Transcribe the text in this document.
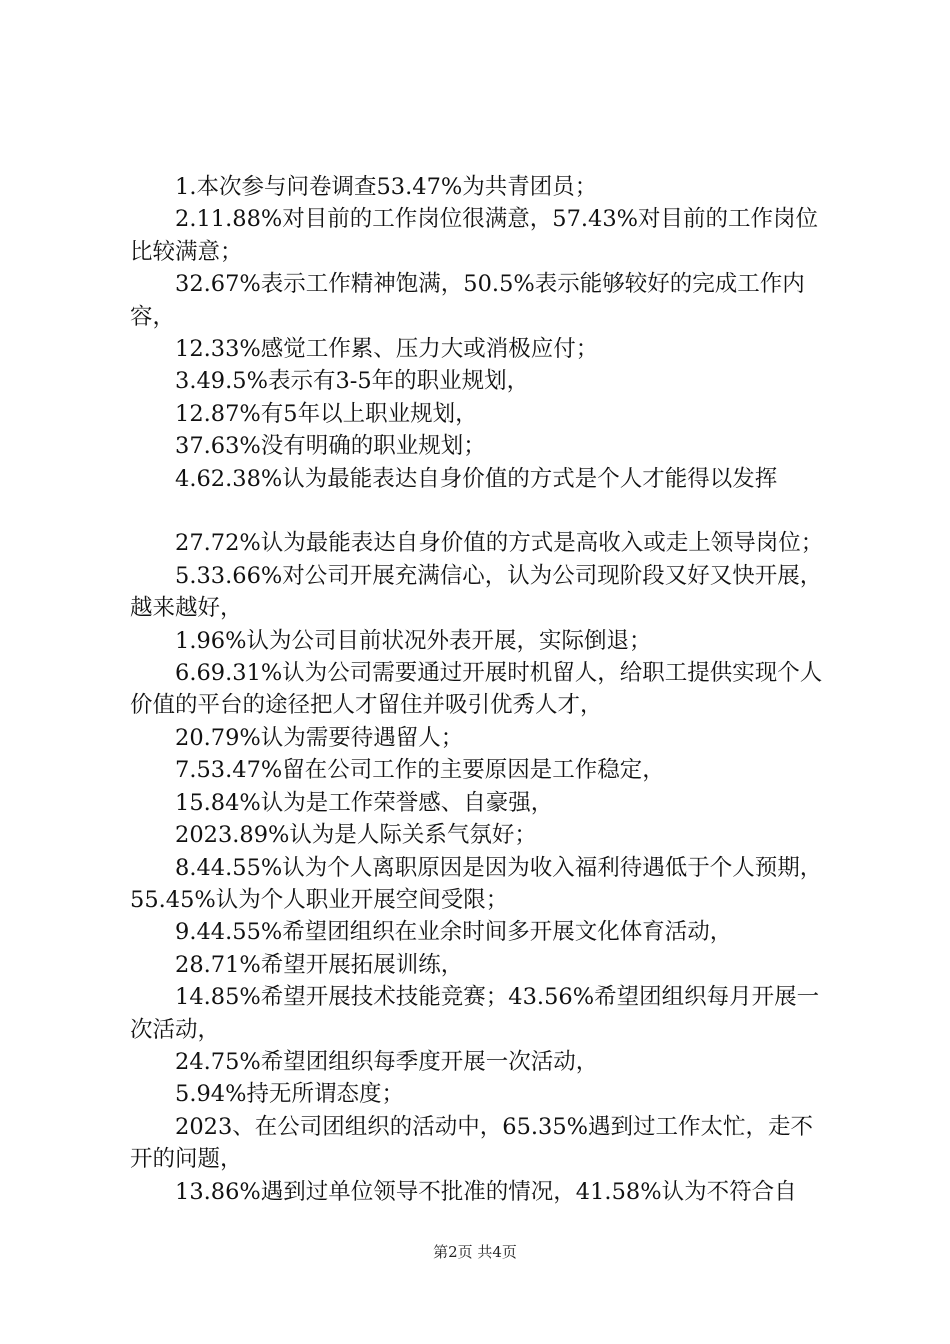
1.本次参与问卷调查53.47%为共青团员；

2.11.88%对目前的工作岗位很满意，57.43%对目前的工作岗位比较满意；

32.67%表示工作精神饱满，50.5%表示能够较好的完成工作内容，

12.33%感觉工作累、压力大或消极应付；

3.49.5%表示有3-5年的职业规划，

12.87%有5年以上职业规划，

37.63%没有明确的职业规划；

4.62.38%认为最能表达自身价值的方式是个人才能得以发挥

27.72%认为最能表达自身价值的方式是高收入或走上领导岗位；

5.33.66%对公司开展充满信心，认为公司现阶段又好又快开展，越来越好，

1.96%认为公司目前状况外表开展，实际倒退；

6.69.31%认为公司需要通过开展时机留人，给职工提供实现个人价值的平台的途径把人才留住并吸引优秀人才，

20.79%认为需要待遇留人；

7.53.47%留在公司工作的主要原因是工作稳定，

15.84%认为是工作荣誉感、自豪强，

2023.89%认为是人际关系气氛好；

8.44.55%认为个人离职原因是因为收入福利待遇低于个人预期，55.45%认为个人职业开展空间受限；

9.44.55%希望团组织在业余时间多开展文化体育活动，

28.71%希望开展拓展训练，

14.85%希望开展技术技能竞赛；43.56%希望团组织每月开展一次活动，

24.75%希望团组织每季度开展一次活动，

5.94%持无所谓态度；

2023、在公司团组织的活动中，65.35%遇到过工作太忙，走不开的问题，

13.86%遇到过单位领导不批准的情况，41.58%认为不符合自

第2页 共4页
